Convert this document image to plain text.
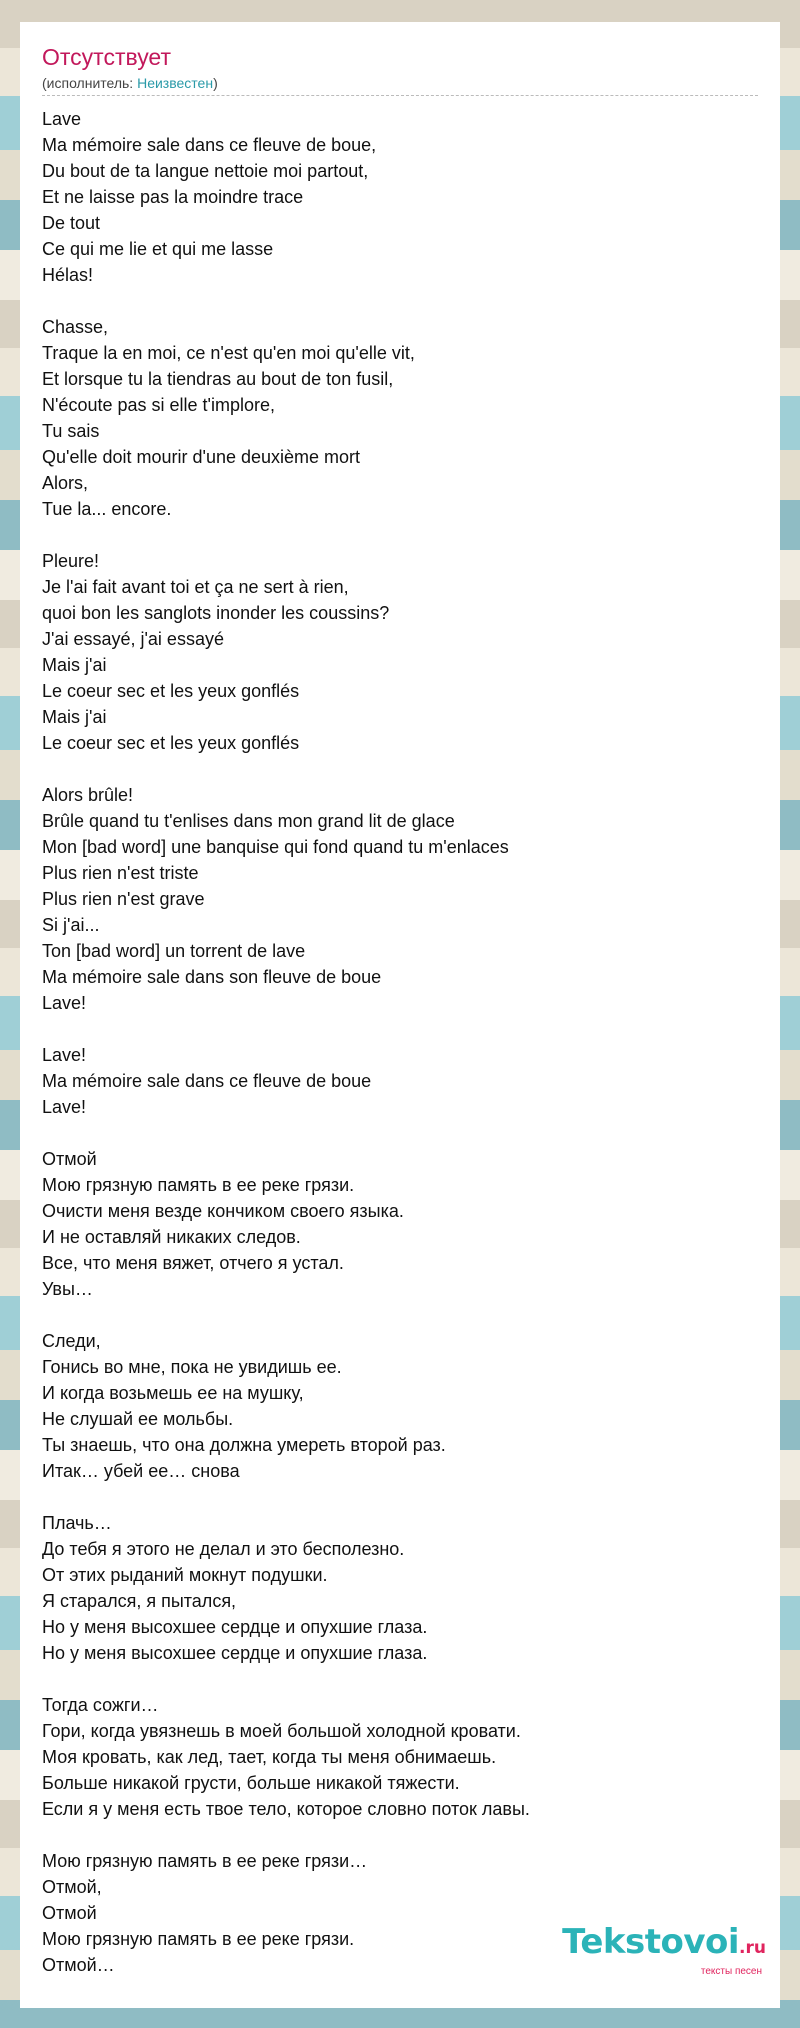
Отсутствует
(исполнитель: Неизвестен)
Lave
Ma mémoire sale dans ce fleuve de boue,
Du bout de ta langue nettoie moi partout,
Et ne laisse pas la moindre trace
De tout
Ce qui me lie et qui me lasse
Hélas!
Chasse,
Traque la en moi, ce n'est qu'en moi qu'elle vit,
Et lorsque tu la tiendras au bout de ton fusil,
N'écoute pas si elle t'implore,
Tu sais
Qu'elle doit mourir d'une deuxième mort
Alors,
Tue la... encore.
Pleure!
Je l'ai fait avant toi et ça ne sert à rien,
quoi bon les sanglots inonder les coussins?
J'ai essayé, j'ai essayé
Mais j'ai
Le coeur sec et les yeux gonflés
Mais j'ai
Le coeur sec et les yeux gonflés
Alors brûle!
Brûle quand tu t'enlises dans mon grand lit de glace
Mon [bad word] une banquise qui fond quand tu m'enlaces
Plus rien n'est triste
Plus rien n'est grave
Si j'ai...
Ton [bad word] un torrent de lave
Ma mémoire sale dans son fleuve de boue
Lave!
Lave!
Ma mémoire sale dans ce fleuve de boue
Lave!
Отмой
Мою грязную память в ее реке грязи.
Очисти меня везде кончиком своего языка.
И не оставляй никаких следов.
Все, что меня вяжет, отчего я устал.
Увы…
Следи,
Гонись во мне, пока не увидишь ее.
И когда возьмешь ее на мушку,
Не слушай ее мольбы.
Ты знаешь, что она должна умереть второй раз.
Итак… убей ее… снова
Плачь…
До тебя я этого не делал и это бесполезно.
От этих рыданий мокнут подушки.
Я старался, я пытался,
Но у меня высохшее сердце и опухшие глаза.
Но у меня высохшее сердце и опухшие глаза.
Тогда сожги…
Гори, когда увязнешь в моей большой холодной кровати.
Моя кровать, как лед, тает, когда ты меня обнимаешь.
Больше никакой грусти, больше никакой тяжести.
Если я у меня есть твое тело, которое словно поток лавы.
Мою грязную память в ее реке грязи…
Отмой,
Отмой
Мою грязную память в ее реке грязи.
Отмой…
Tekstovoi.ru
тексты песен
